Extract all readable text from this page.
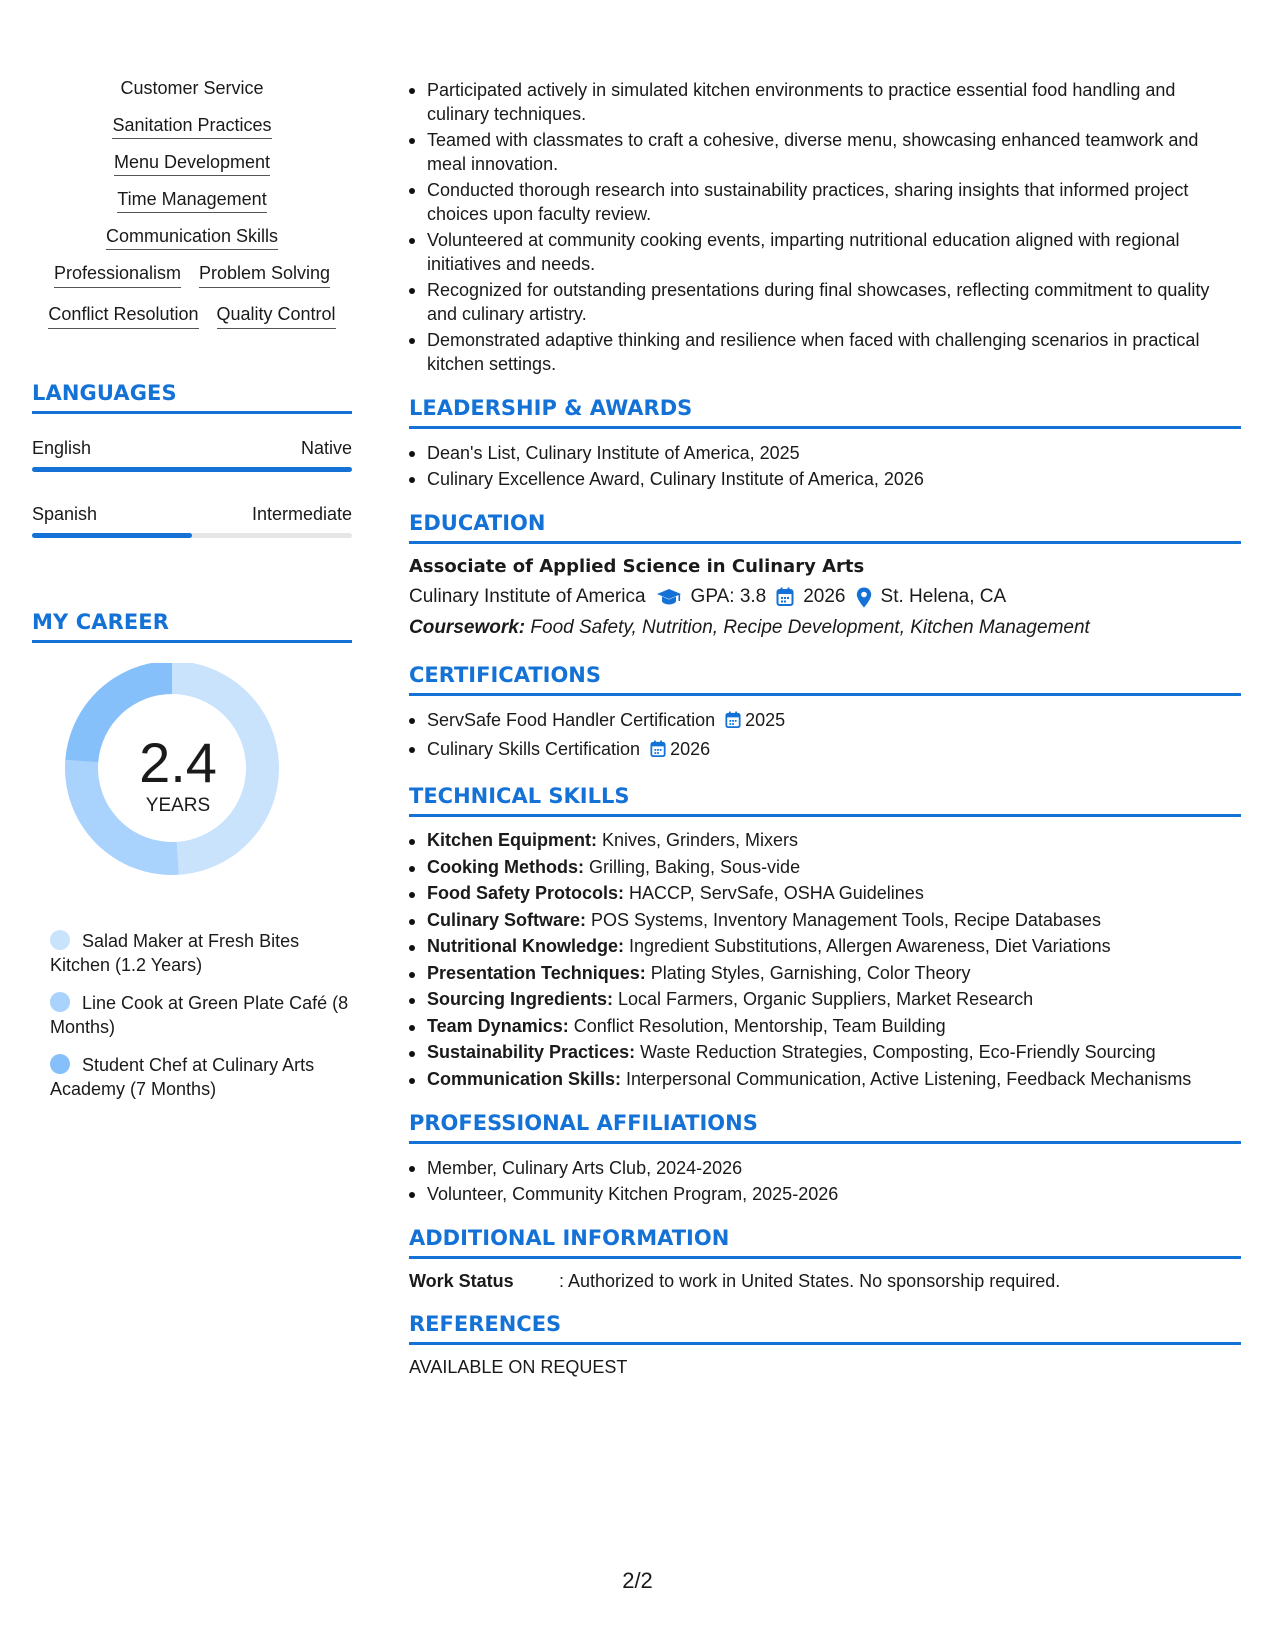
Customer Service
Sanitation Practices
Menu Development
Time Management
Communication Skills
Professionalism Problem Solving
Conflict Resolution Quality Control
LANGUAGES
English	Native
Spanish	Intermediate
MY CAREER
2.4
YEARS
Salad Maker at Fresh Bites Kitchen (1.2 Years)
Line Cook at Green Plate Café (8 Months)
Student Chef at Culinary Arts Academy (7 Months)
Participated actively in simulated kitchen environments to practice essential food handling and culinary techniques.
Teamed with classmates to craft a cohesive, diverse menu, showcasing enhanced teamwork and meal innovation.
Conducted thorough research into sustainability practices, sharing insights that informed project choices upon faculty review.
Volunteered at community cooking events, imparting nutritional education aligned with regional initiatives and needs.
Recognized for outstanding presentations during final showcases, reflecting commitment to quality and culinary artistry.
Demonstrated adaptive thinking and resilience when faced with challenging scenarios in practical kitchen settings.
LEADERSHIP & AWARDS
Dean's List, Culinary Institute of America, 2025
Culinary Excellence Award, Culinary Institute of America, 2026
EDUCATION
Associate of Applied Science in Culinary Arts
Culinary Institute of America GPA: 3.8 2026 St. Helena, CA
Coursework: Food Safety, Nutrition, Recipe Development, Kitchen Management
CERTIFICATIONS
ServSafe Food Handler Certification 2025
Culinary Skills Certification 2026
TECHNICAL SKILLS
Kitchen Equipment: Knives, Grinders, Mixers
Cooking Methods: Grilling, Baking, Sous-vide
Food Safety Protocols: HACCP, ServSafe, OSHA Guidelines
Culinary Software: POS Systems, Inventory Management Tools, Recipe Databases
Nutritional Knowledge: Ingredient Substitutions, Allergen Awareness, Diet Variations
Presentation Techniques: Plating Styles, Garnishing, Color Theory
Sourcing Ingredients: Local Farmers, Organic Suppliers, Market Research
Team Dynamics: Conflict Resolution, Mentorship, Team Building
Sustainability Practices: Waste Reduction Strategies, Composting, Eco-Friendly Sourcing
Communication Skills: Interpersonal Communication, Active Listening, Feedback Mechanisms
PROFESSIONAL AFFILIATIONS
Member, Culinary Arts Club, 2024-2026
Volunteer, Community Kitchen Program, 2025-2026
ADDITIONAL INFORMATION
Work Status	: Authorized to work in United States. No sponsorship required.
REFERENCES
AVAILABLE ON REQUEST
2/2
